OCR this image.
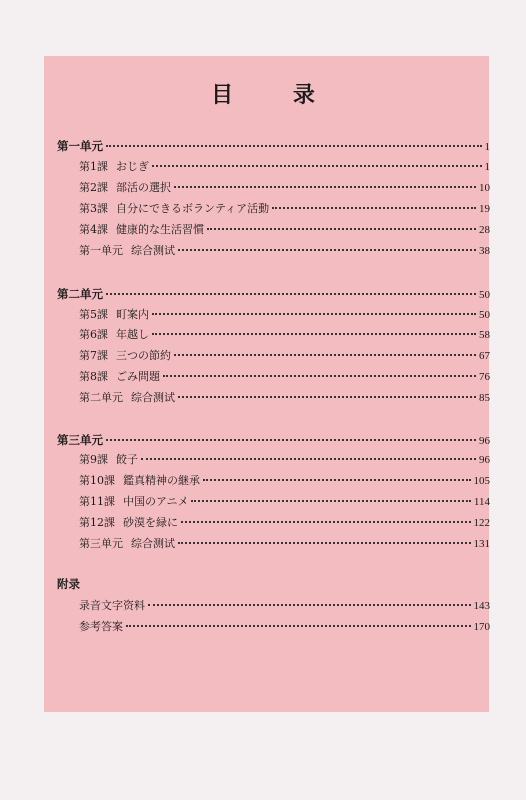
目 录
第一单元	1
第1課 おじぎ	1
第2課 部活の選択	10
第3課 自分にできるボランティア活動	19
第4課 健康的な生活習慣	28
第一单元 综合测试	38
第二单元	50
第5課 町案内	50
第6課 年越し	58
第7課 三つの節約	67
第8課 ごみ問題	76
第二单元 综合测试	85
第三单元	96
第9課 餃子	96
第10課 鑑真精神の継承	105
第11課 中国のアニメ	114
第12課 砂漠を緑に	122
第三单元 综合测试	131
附录
录音文字资料	143
参考答案	170
